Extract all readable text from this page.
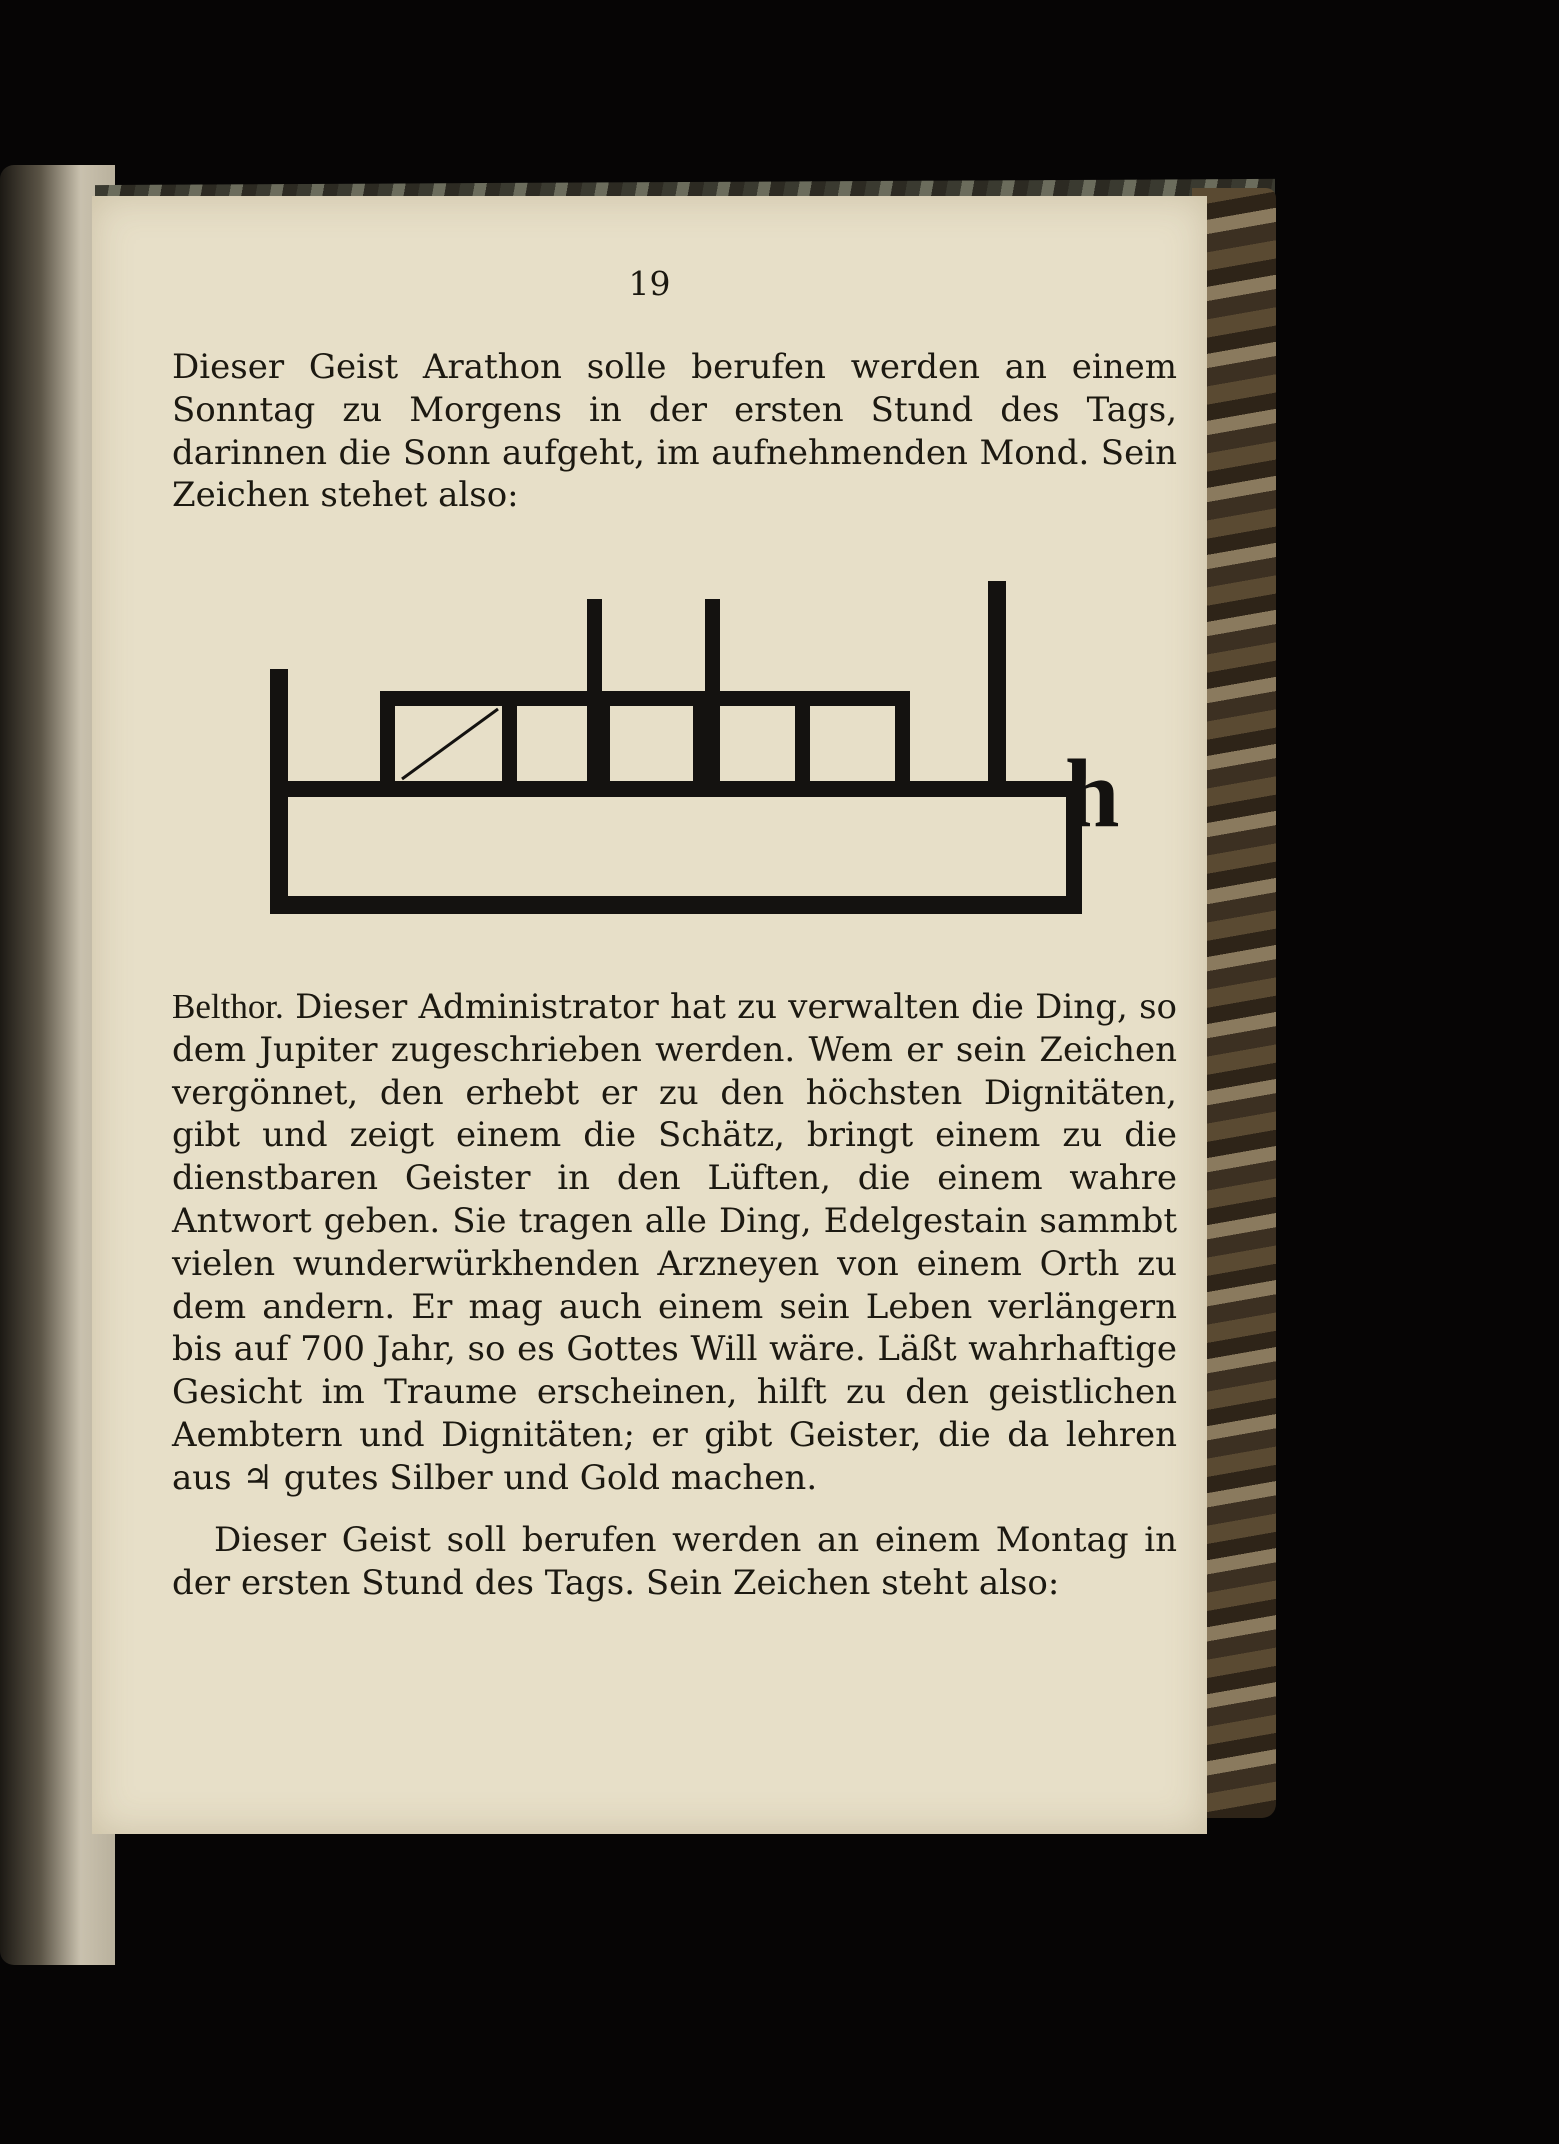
19

Dieser Geist Arathon solle berufen werden an einem Sonntag zu Morgens in der ersten Stund des Tags, darinnen die Sonn aufgeht, im aufnehmenden Mond. Sein Zeichen stehet also:

h

Belthor. Dieser Administrator hat zu verwalten die Ding, so dem Jupiter zugeschrieben werden. Wem er sein Zeichen vergönnet, den erhebt er zu den höchsten Dignitäten, gibt und zeigt einem die Schätz, bringt einem zu die dienstbaren Geister in den Lüften, die einem wahre Antwort geben. Sie tragen alle Ding, Edelgestain sammbt vielen wunderwürkhenden Arzneyen von einem Orth zu dem andern. Er mag auch einem sein Leben verlängern bis auf 700 Jahr, so es Gottes Will wäre. Läßt wahrhaftige Gesicht im Traume erscheinen, hilft zu den geistlichen Aembtern und Dignitäten; er gibt Geister, die da lehren aus ♃ gutes Silber und Gold machen.

Dieser Geist soll berufen werden an einem Montag in der ersten Stund des Tags. Sein Zeichen steht also:
